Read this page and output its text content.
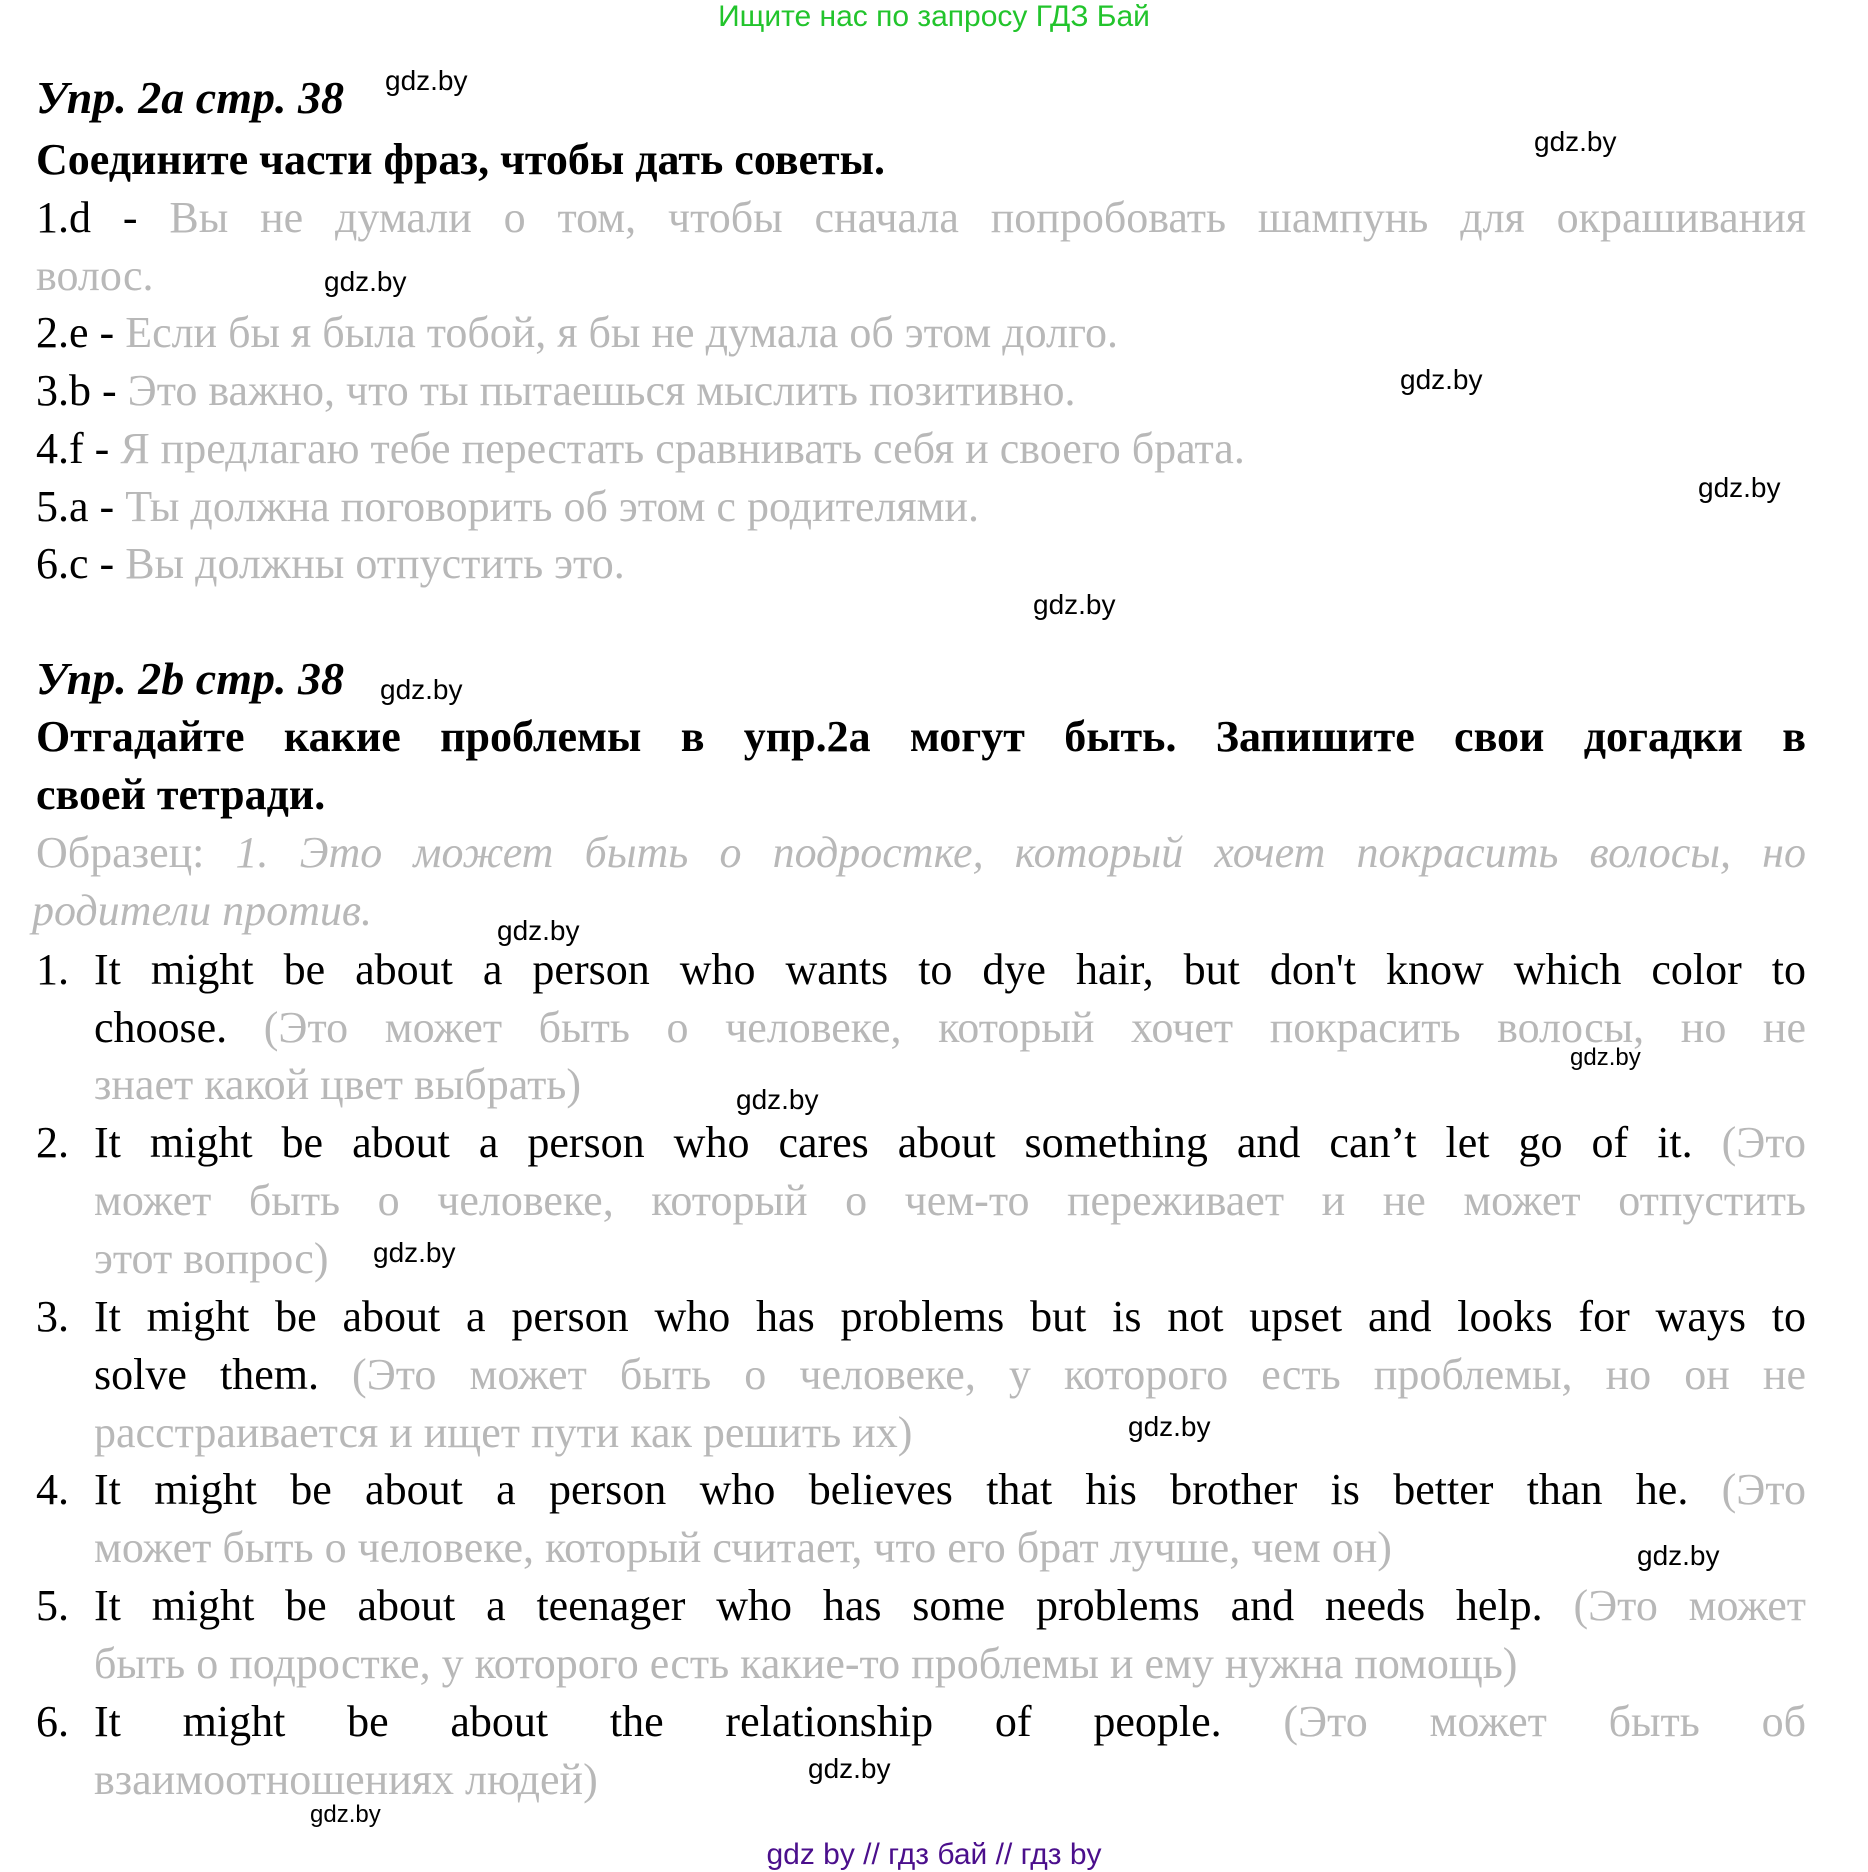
Ищите нас по запросу ГДЗ Бай
Упр. 2а стр. 38 gdz.by
gdz.by
Соедините части фраз, чтобы дать советы.
1.d - Вы не думали о том, чтобы сначала попробовать шампунь для окрашивания
волос.	gdz.by
2.e - Если бы я была тобой, я бы не думала об этом долго.
3.b - Это важно, что ты пытаешься мыслить позитивно.	gdz.by
4.f - Я предлагаю тебе перестать сравнивать себя и своего брата.
gdz.by
5.a - Ты должна поговорить об этом с родителями.
6.c - Вы должны отпустить это.
gdz.by
Упр. 2b стр. 38 gdz.by
Отгадайте какие проблемы в упр.2а могут быть. Запишите свои догадки в
своей тетради.
Образец: 1. Это может быть о подростке, который хочет покрасить волосы, но
родители против.	gdz.by
1. It might be about a person who wants to dye hair, but don't know which color to
choose. (Это может быть о человеке, который хочет покрасить волосы, но не
gdz.by
знает какой цвет выбрать)	gdz.by
2. It might be about a person who cares about something and can’t let go of it. (Это
может быть о человеке, который о чем-то переживает и не может отпустить
этот вопрос) gdz.by
3. It might be about a person who has problems but is not upset and looks for ways to
solve them. (Это может быть о человеке, у которого есть проблемы, но он не
расстраивается и ищет пути как решить их)	gdz.by
4. It might be about a person who believes that his brother is better than he. (Это
может быть о человеке, который считает, что его брат лучше, чем он)	gdz.by
5. It might be about a teenager who has some problems and needs help. (Это может
быть о подростке, у которого есть какие-то проблемы и ему нужна помощь)
6. It might be about the relationship of people. (Это может быть об
gdz.by
взаимоотношениях людей)
gdz.by
gdz by // гдз бай // гдз by
